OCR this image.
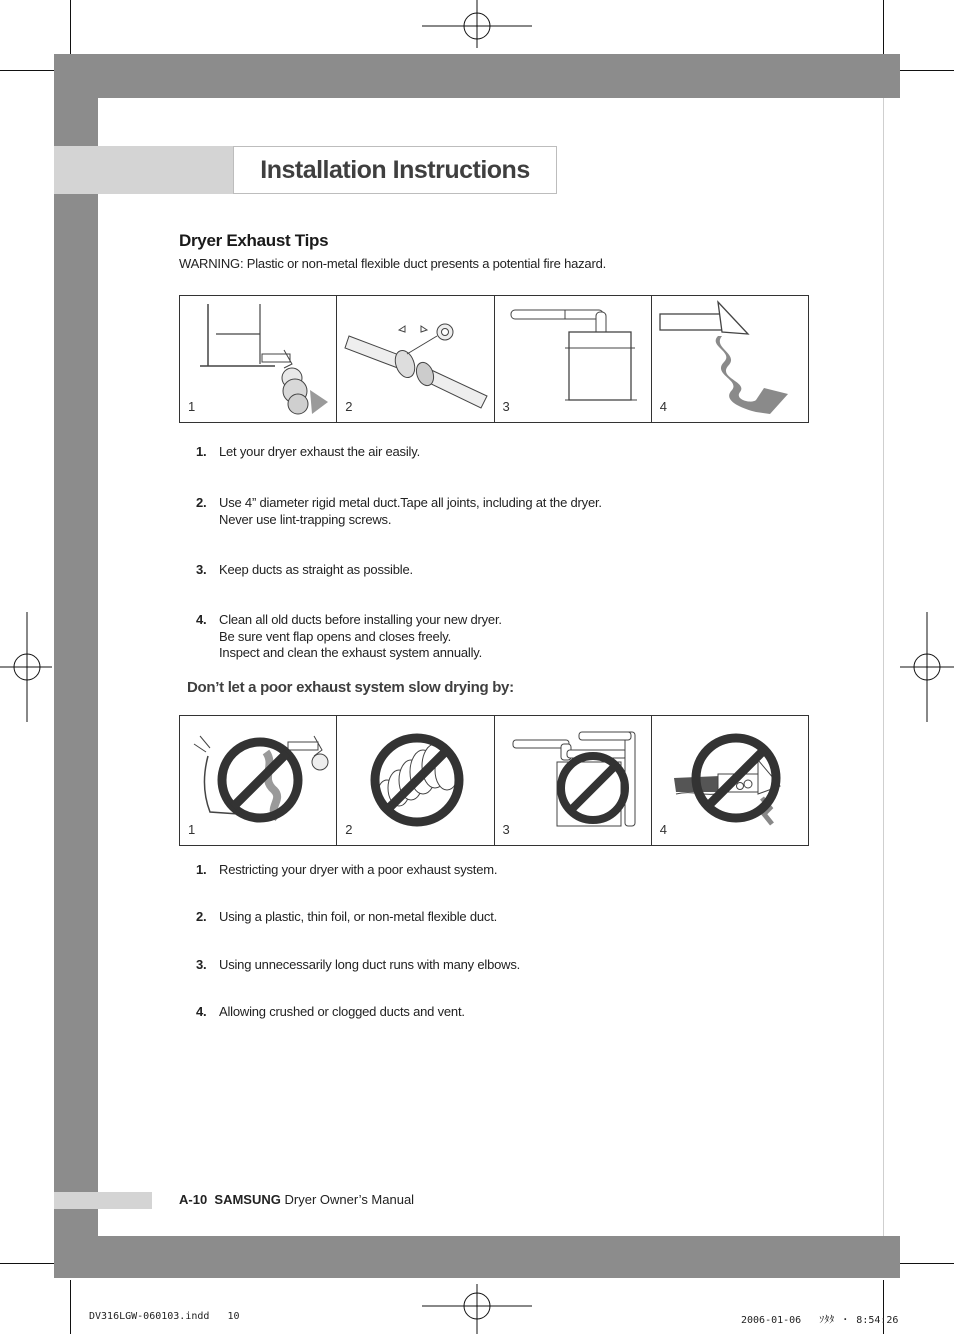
Installation Instructions
Dryer Exhaust Tips
WARNING: Plastic or non-metal flexible duct presents a potential fire hazard.
1	2	3	4
1. Let your dryer exhaust the air easily.
2. Use 4” diameter rigid metal duct.Tape all joints, including at the dryer.
Never use lint-trapping screws.
3. Keep ducts as straight as possible.
4. Clean all old ducts before installing your new dryer.
Be sure vent flap opens and closes freely.
Inspect and clean the exhaust system annually.
Don’t let a poor exhaust system slow drying by:
1	2	3	4
1. Restricting your dryer with a poor exhaust system.
2. Using a plastic, thin foil, or non-metal flexible duct.
3. Using unnecessarily long duct runs with many elbows.
4. Allowing crushed or clogged ducts and vent.
A-10 SAMSUNG Dryer Owner’s Manual
DV316LGW-060103.indd   10	2006-01-06   ｿﾀﾀ ・ 8:54:26
